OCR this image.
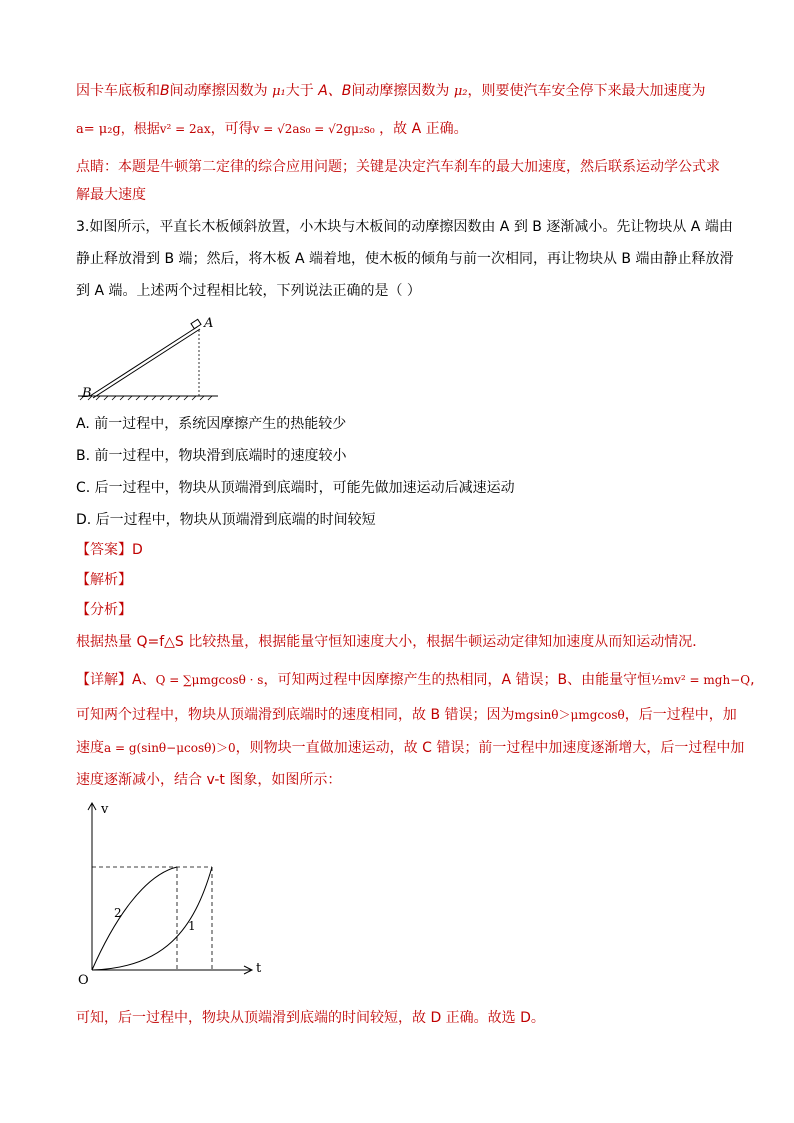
因卡车底板和B间动摩擦因数为 μ₁大于 A、B间动摩擦因数为 μ₂，则要使汽车安全停下来最大加速度为
a= μ₂g，根据v² = 2ax，可得v = √2as₀ = √2gμ₂s₀ ，故 A 正确。
点睛：本题是牛顿第二定律的综合应用问题；关键是决定汽车刹车的最大加速度，然后联系运动学公式求
解最大速度
3.如图所示，平直长木板倾斜放置，小木块与木板间的动摩擦因数由 A 到 B 逐渐减小。先让物块从 A 端由
静止释放滑到 B 端；然后，将木板 A 端着地，使木板的倾角与前一次相同，再让物块从 B 端由静止释放滑
到 A 端。上述两个过程相比较，下列说法正确的是（ ）
A
B
A. 前一过程中，系统因摩擦产生的热能较少
B. 前一过程中，物块滑到底端时的速度较小
C. 后一过程中，物块从顶端滑到底端时，可能先做加速运动后减速运动
D. 后一过程中，物块从顶端滑到底端的时间较短
【答案】D
【解析】
【分析】
根据热量 Q=f△S 比较热量，根据能量守恒知速度大小，根据牛顿运动定律知加速度从而知运动情况．
【详解】A、Q = ∑μmgcosθ · s，可知两过程中因摩擦产生的热相同，A 错误；B、由能量守恒½mv² = mgh−Q,
可知两个过程中，物块从顶端滑到底端时的速度相同，故 B 错误；因为mgsinθ＞μmgcosθ，后一过程中，加
速度a = g(sinθ−μcosθ)＞0，则物块一直做加速运动，故 C 错误；前一过程中加速度逐渐增大，后一过程中加
速度逐渐减小，结合 v-t 图象，如图所示：
v
t
O
1
2
可知，后一过程中，物块从顶端滑到底端的时间较短，故 D 正确。故选 D。
